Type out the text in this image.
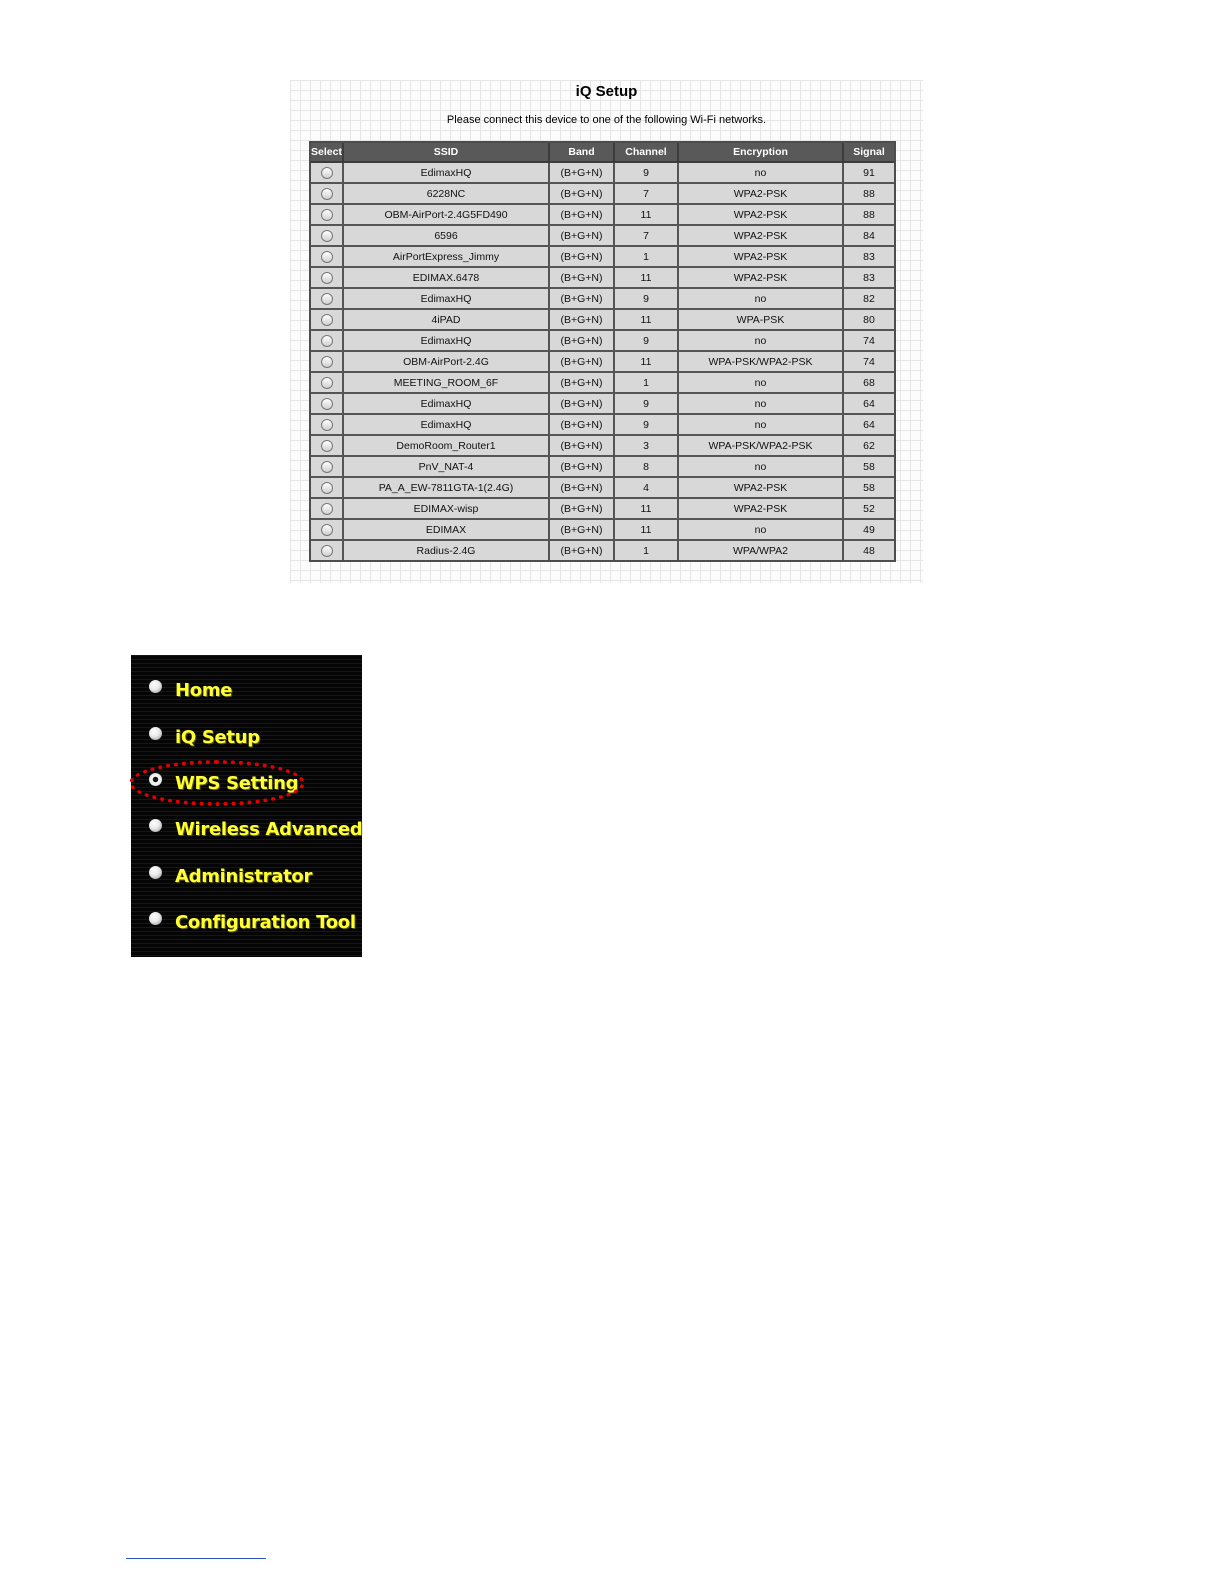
iQ Setup
Please connect this device to one of the following Wi-Fi networks.
Select	SSID	Band	Channel	Encryption	Signal
	EdimaxHQ	(B+G+N)	9	no	91
	6228NC	(B+G+N)	7	WPA2-PSK	88
	OBM-AirPort-2.4G5FD490	(B+G+N)	11	WPA2-PSK	88
	6596	(B+G+N)	7	WPA2-PSK	84
	AirPortExpress_Jimmy	(B+G+N)	1	WPA2-PSK	83
	EDIMAX.6478	(B+G+N)	11	WPA2-PSK	83
	EdimaxHQ	(B+G+N)	9	no	82
	4iPAD	(B+G+N)	11	WPA-PSK	80
	EdimaxHQ	(B+G+N)	9	no	74
	OBM-AirPort-2.4G	(B+G+N)	11	WPA-PSK/WPA2-PSK	74
	MEETING_ROOM_6F	(B+G+N)	1	no	68
	EdimaxHQ	(B+G+N)	9	no	64
	EdimaxHQ	(B+G+N)	9	no	64
	DemoRoom_Router1	(B+G+N)	3	WPA-PSK/WPA2-PSK	62
	PnV_NAT-4	(B+G+N)	8	no	58
	PA_A_EW-7811GTA-1(2.4G)	(B+G+N)	4	WPA2-PSK	58
	EDIMAX-wisp	(B+G+N)	11	WPA2-PSK	52
	EDIMAX	(B+G+N)	11	no	49
	Radius-2.4G	(B+G+N)	1	WPA/WPA2	48
Home
iQ Setup
WPS Setting
Wireless Advanced
Administrator
Configuration Tool
